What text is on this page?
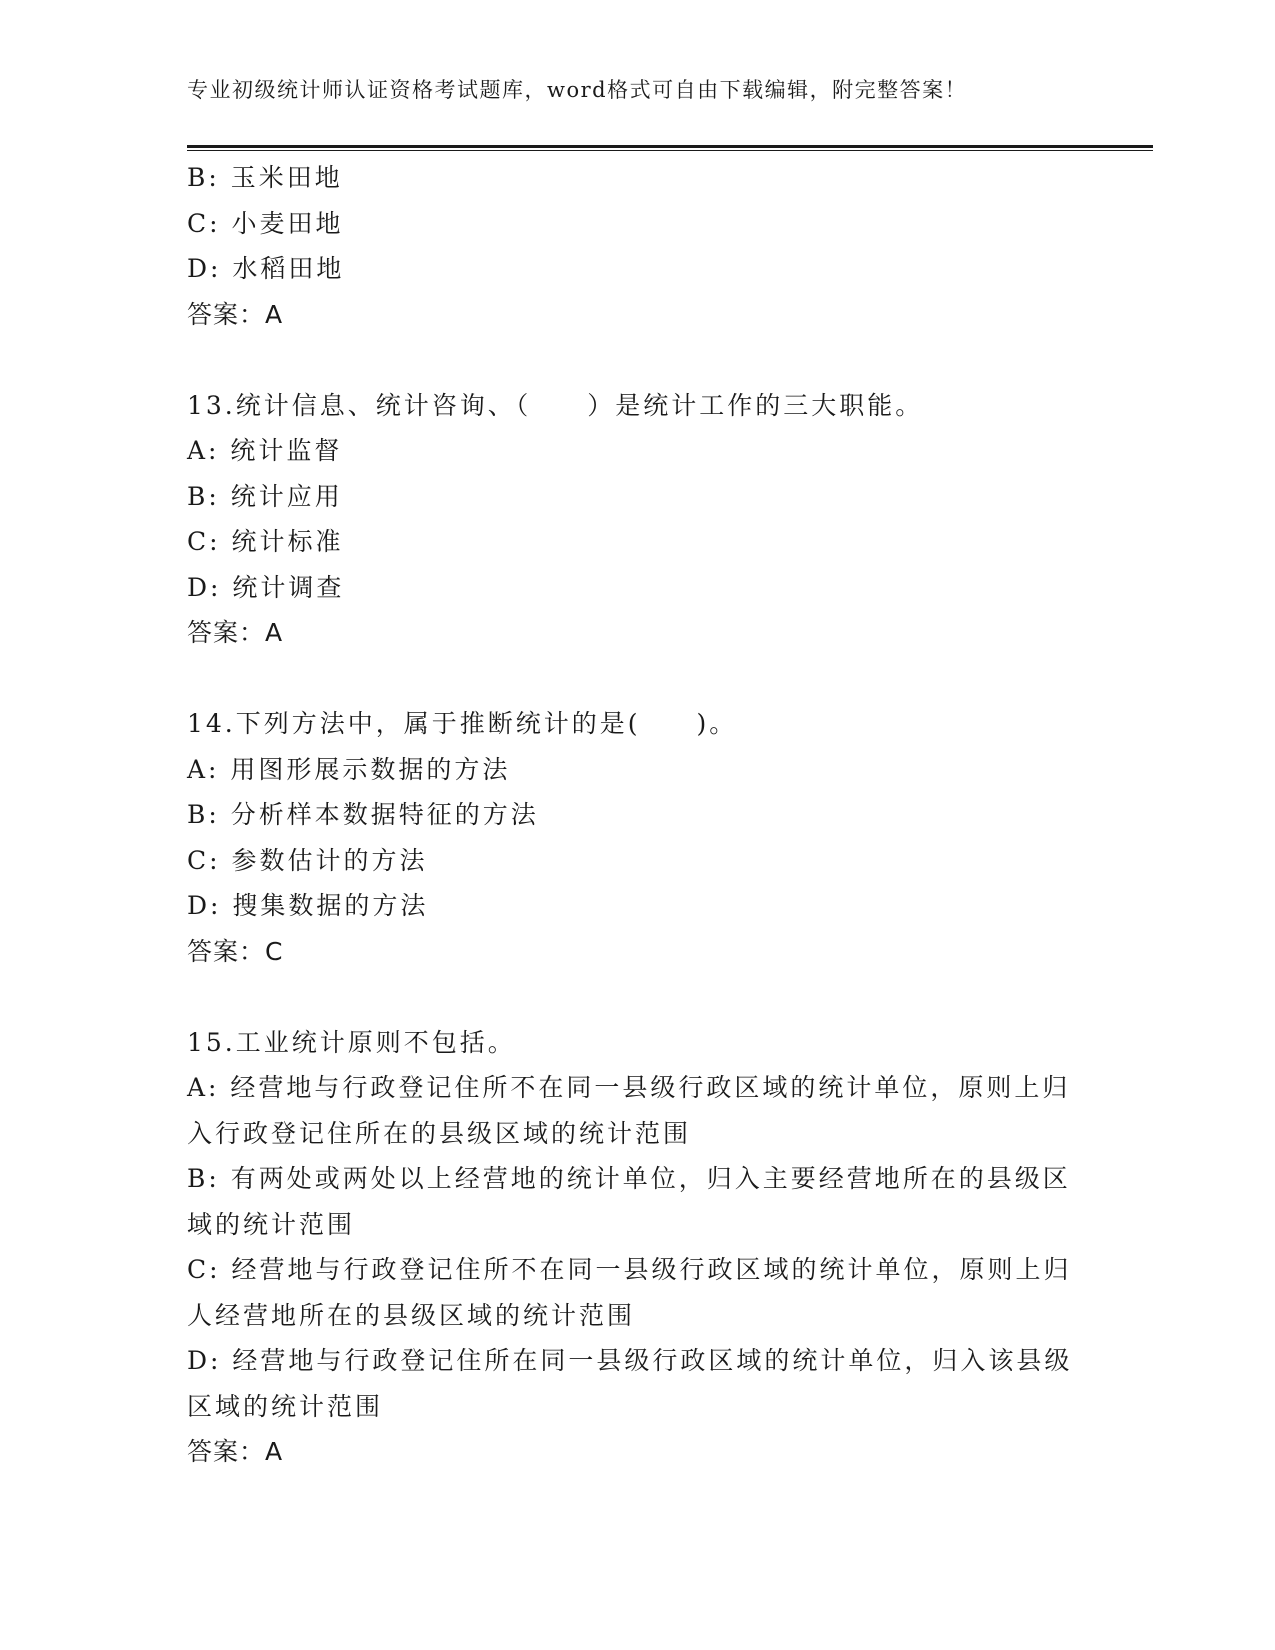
专业初级统计师认证资格考试题库，word格式可自由下载编辑，附完整答案！
B: 玉米田地
C: 小麦田地
D: 水稻田地
答案：A
13.统计信息、统计咨询、（　　）是统计工作的三大职能。
A: 统计监督
B: 统计应用
C: 统计标准
D: 统计调查
答案：A
14.下列方法中，属于推断统计的是(　　)。
A: 用图形展示数据的方法
B: 分析样本数据特征的方法
C: 参数估计的方法
D: 搜集数据的方法
答案：C
15.工业统计原则不包括。
A: 经营地与行政登记住所不在同一县级行政区域的统计单位，原则上归入行政登记住所在的县级区域的统计范围
B: 有两处或两处以上经营地的统计单位，归入主要经营地所在的县级区域的统计范围
C: 经营地与行政登记住所不在同一县级行政区域的统计单位，原则上归人经营地所在的县级区域的统计范围
D: 经营地与行政登记住所在同一县级行政区域的统计单位，归入该县级区域的统计范围
答案：A
